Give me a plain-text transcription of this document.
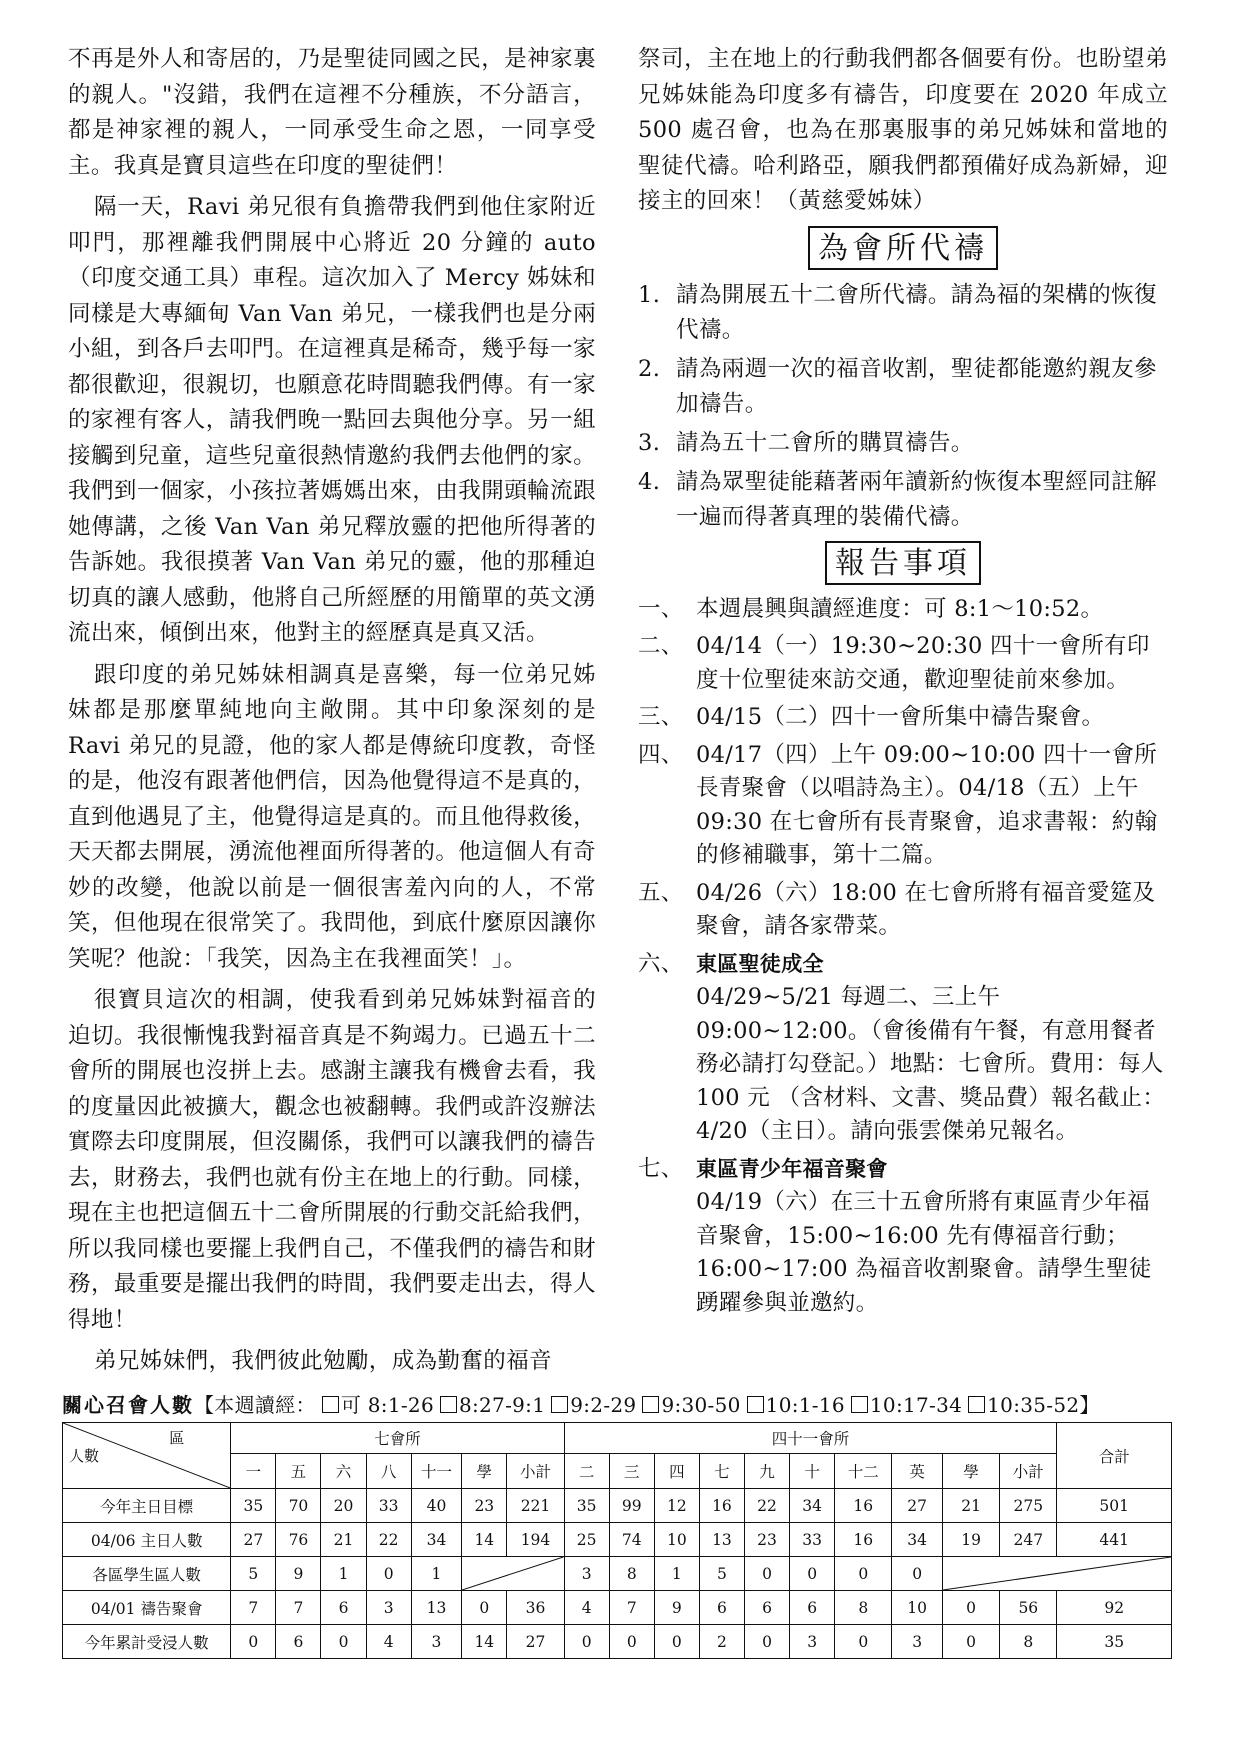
不再是外人和寄居的，乃是聖徒同國之民，是神家裏的親人。"沒錯，我們在這裡不分種族，不分語言，都是神家裡的親人，一同承受生命之恩，一同享受主。我真是寶貝這些在印度的聖徒們！

隔一天，Ravi 弟兄很有負擔帶我們到他住家附近叩門，那裡離我們開展中心將近 20 分鐘的 auto（印度交通工具）車程。這次加入了 Mercy 姊妹和同樣是大專緬甸 Van Van 弟兄，一樣我們也是分兩小組，到各戶去叩門。在這裡真是稀奇，幾乎每一家都很歡迎，很親切，也願意花時間聽我們傳。有一家的家裡有客人，請我們晚一點回去與他分享。另一組接觸到兒童，這些兒童很熱情邀約我們去他們的家。我們到一個家，小孩拉著媽媽出來，由我開頭輪流跟她傳講，之後 Van Van 弟兄釋放靈的把他所得著的告訴她。我很摸著 Van Van 弟兄的靈，他的那種迫切真的讓人感動，他將自己所經歷的用簡單的英文湧流出來，傾倒出來，他對主的經歷真是真又活。

跟印度的弟兄姊妹相調真是喜樂，每一位弟兄姊妹都是那麼單純地向主敞開。其中印象深刻的是 Ravi 弟兄的見證，他的家人都是傳統印度教，奇怪的是，他沒有跟著他們信，因為他覺得這不是真的，直到他遇見了主，他覺得這是真的。而且他得救後，天天都去開展，湧流他裡面所得著的。他這個人有奇妙的改變，他說以前是一個很害羞內向的人，不常笑，但他現在很常笑了。我問他，到底什麼原因讓你笑呢？他說：「我笑，因為主在我裡面笑！」。

很寶貝這次的相調，使我看到弟兄姊妹對福音的迫切。我很慚愧我對福音真是不夠竭力。已過五十二會所的開展也沒拼上去。感謝主讓我有機會去看，我的度量因此被擴大，觀念也被翻轉。我們或許沒辦法實際去印度開展，但沒關係，我們可以讓我們的禱告去，財務去，我們也就有份主在地上的行動。同樣，現在主也把這個五十二會所開展的行動交託給我們，所以我同樣也要擺上我們自己，不僅我們的禱告和財務，最重要是擺出我們的時間，我們要走出去，得人得地！

弟兄姊妹們，我們彼此勉勵，成為勤奮的福音

祭司，主在地上的行動我們都各個要有份。也盼望弟兄姊妹能為印度多有禱告，印度要在 2020 年成立 500 處召會，也為在那裏服事的弟兄姊妹和當地的聖徒代禱。哈利路亞，願我們都預備好成為新婦，迎接主的回來！（黃慈愛姊妹）

為會所代禱
1. 請為開展五十二會所代禱。請為福的架構的恢復代禱。
2. 請為兩週一次的福音收割，聖徒都能邀約親友參加禱告。
3. 請為五十二會所的購買禱告。
4. 請為眾聖徒能藉著兩年讀新約恢復本聖經同註解一遍而得著真理的裝備代禱。
報告事項
一、 本週晨興與讀經進度：可 8:1～10:52。
二、 04/14（一）19:30~20:30 四十一會所有印度十位聖徒來訪交通，歡迎聖徒前來參加。
三、 04/15（二）四十一會所集中禱告聚會。
四、 04/17（四）上午 09:00~10:00 四十一會所長青聚會（以唱詩為主）。04/18（五）上午 09:30 在七會所有長青聚會，追求書報：約翰的修補職事，第十二篇。
五、 04/26（六）18:00 在七會所將有福音愛筵及聚會，請各家帶菜。
六、 東區聖徒成全
04/29~5/21 每週二、三上午 09:00~12:00。（會後備有午餐，有意用餐者務必請打勾登記。）地點：七會所。費用：每人 100 元 （含材料、文書、獎品費）報名截止：4/20（主日）。請向張雲傑弟兄報名。
七、 東區青少年福音聚會
04/19（六）在三十五會所將有東區青少年福音聚會，15:00~16:00 先有傳福音行動；16:00~17:00 為福音收割聚會。請學生聖徒踴躍參與並邀約。

關心召會人數【本週讀經： 可 8:1-26 8:27-9:1 9:2-29 9:30-50 10:1-16 10:17-34 10:35-52】

區
人數	七會所							四十一會所										合計
	一	五	六	八	十一	學	小計	二	三	四	七	九	十	十二	英	學	小計	
今年主日目標	35	70	20	33	40	23	221	35	99	12	16	22	34	16	27	21	275	501
04/06 主日人數	27	76	21	22	34	14	194	25	74	10	13	23	33	16	34	19	247	441
各區學生區人數	5	9	1	0	1			3	8	1	5	0	0	0	0	

04/01 禱告聚會	7	7	6	3	13	0	36	4	7	9	6	6	6	8	10	0	56	92
今年累計受浸人數	0	6	0	4	3	14	27	0	0	0	2	0	3	0	3	0	8	35
